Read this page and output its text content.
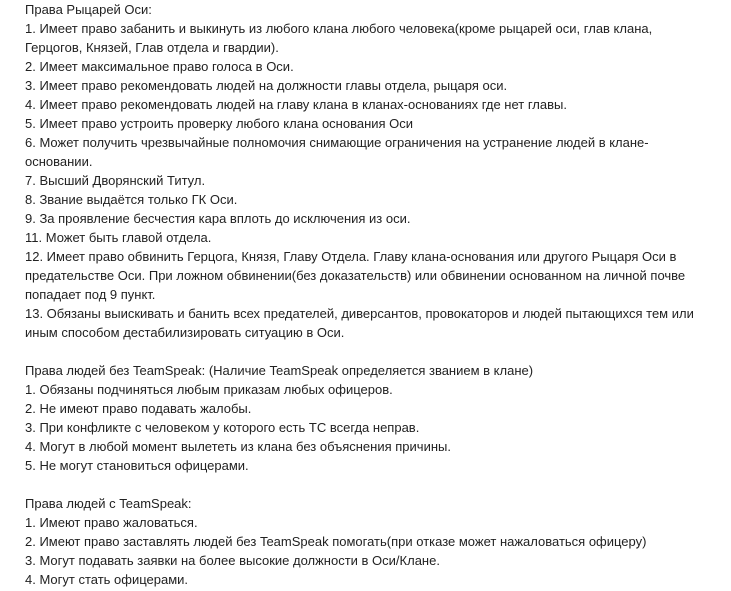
Права Рыцарей Оси:
1. Имеет право забанить и выкинуть из любого клана любого человека(кроме рыцарей оси, глав клана,
Герцогов, Князей, Глав отдела и гвардии).
2. Имеет максимальное право голоса в Оси.
3. Имеет право рекомендовать людей на должности главы отдела, рыцаря оси.
4. Имеет право рекомендовать людей на главу клана в кланах-основаниях где нет главы.
5. Имеет право устроить проверку любого клана основания Оси
6. Может получить чрезвычайные полномочия снимающие ограничения на устранение людей в клане-
основании.
7. Высший Дворянский Титул.
8. Звание выдаётся только ГК Оси.
9. За проявление бесчестия кара вплоть до исключения из оси.
11. Может быть главой отдела.
12. Имеет право обвинить Герцога, Князя, Главу Отдела. Главу клана-основания или другого Рыцаря Оси в
предательстве Оси. При ложном обвинении(без доказательств) или обвинении основанном на личной почве
попадает под 9 пункт.
13. Обязаны выискивать и банить всех предателей, диверсантов, провокаторов и людей пытающихся тем или
иным способом дестабилизировать ситуацию в Оси.
Права людей без TeamSpeak: (Наличие TeamSpeak определяется званием в клане)
1. Обязаны подчиняться любым приказам любых офицеров.
2. Не имеют право подавать жалобы.
3. При конфликте с человеком у которого есть ТС всегда неправ.
4. Могут в любой момент вылететь из клана без объяснения причины.
5. Не могут становиться офицерами.
Права людей с TeamSpeak:
1. Имеют право жаловаться.
2. Имеют право заставлять людей без TeamSpeak помогать(при отказе может нажаловаться офицеру)
3. Могут подавать заявки на более высокие должности в Оси/Клане.
4. Могут стать офицерами.
